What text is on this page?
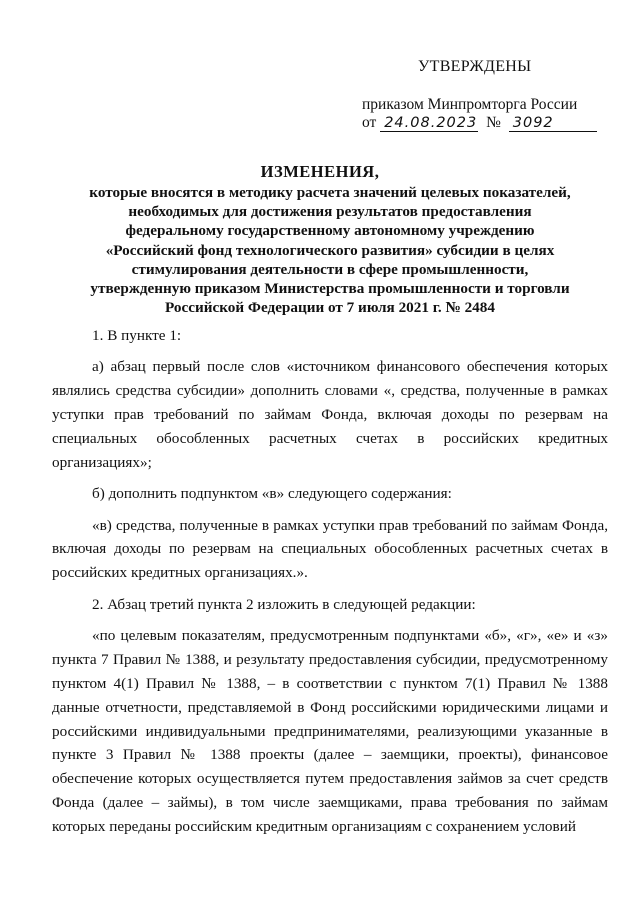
УТВЕРЖДЕНЫ
приказом Минпромторга России
от 24.08.2023 № 3092
ИЗМЕНЕНИЯ,
которые вносятся в методику расчета значений целевых показателей, необходимых для достижения результатов предоставления федеральному государственному автономному учреждению «Российский фонд технологического развития» субсидии в целях стимулирования деятельности в сфере промышленности, утвержденную приказом Министерства промышленности и торговли Российской Федерации от 7 июля 2021 г. № 2484

1. В пункте 1:

а) абзац первый после слов «источником финансового обеспечения которых являлись средства субсидии» дополнить словами «, средства, полученные в рамках уступки прав требований по займам Фонда, включая доходы по резервам на специальных обособленных расчетных счетах в российских кредитных организациях»;

б) дополнить подпунктом «в» следующего содержания:

«в) средства, полученные в рамках уступки прав требований по займам Фонда, включая доходы по резервам на специальных обособленных расчетных счетах в российских кредитных организациях.».

2. Абзац третий пункта 2 изложить в следующей редакции:

«по целевым показателям, предусмотренным подпунктами «б», «г», «е» и «з» пункта 7 Правил № 1388, и результату предоставления субсидии, предусмотренному пунктом 4(1) Правил № 1388, – в соответствии с пунктом 7(1) Правил № 1388 данные отчетности, представляемой в Фонд российскими юридическими лицами и российскими индивидуальными предпринимателями, реализующими указанные в пункте 3 Правил № 1388 проекты (далее – заемщики, проекты), финансовое обеспечение которых осуществляется путем предоставления займов за счет средств Фонда (далее – займы), в том числе заемщиками, права требования по займам которых переданы российским кредитным организациям с сохранением условий
